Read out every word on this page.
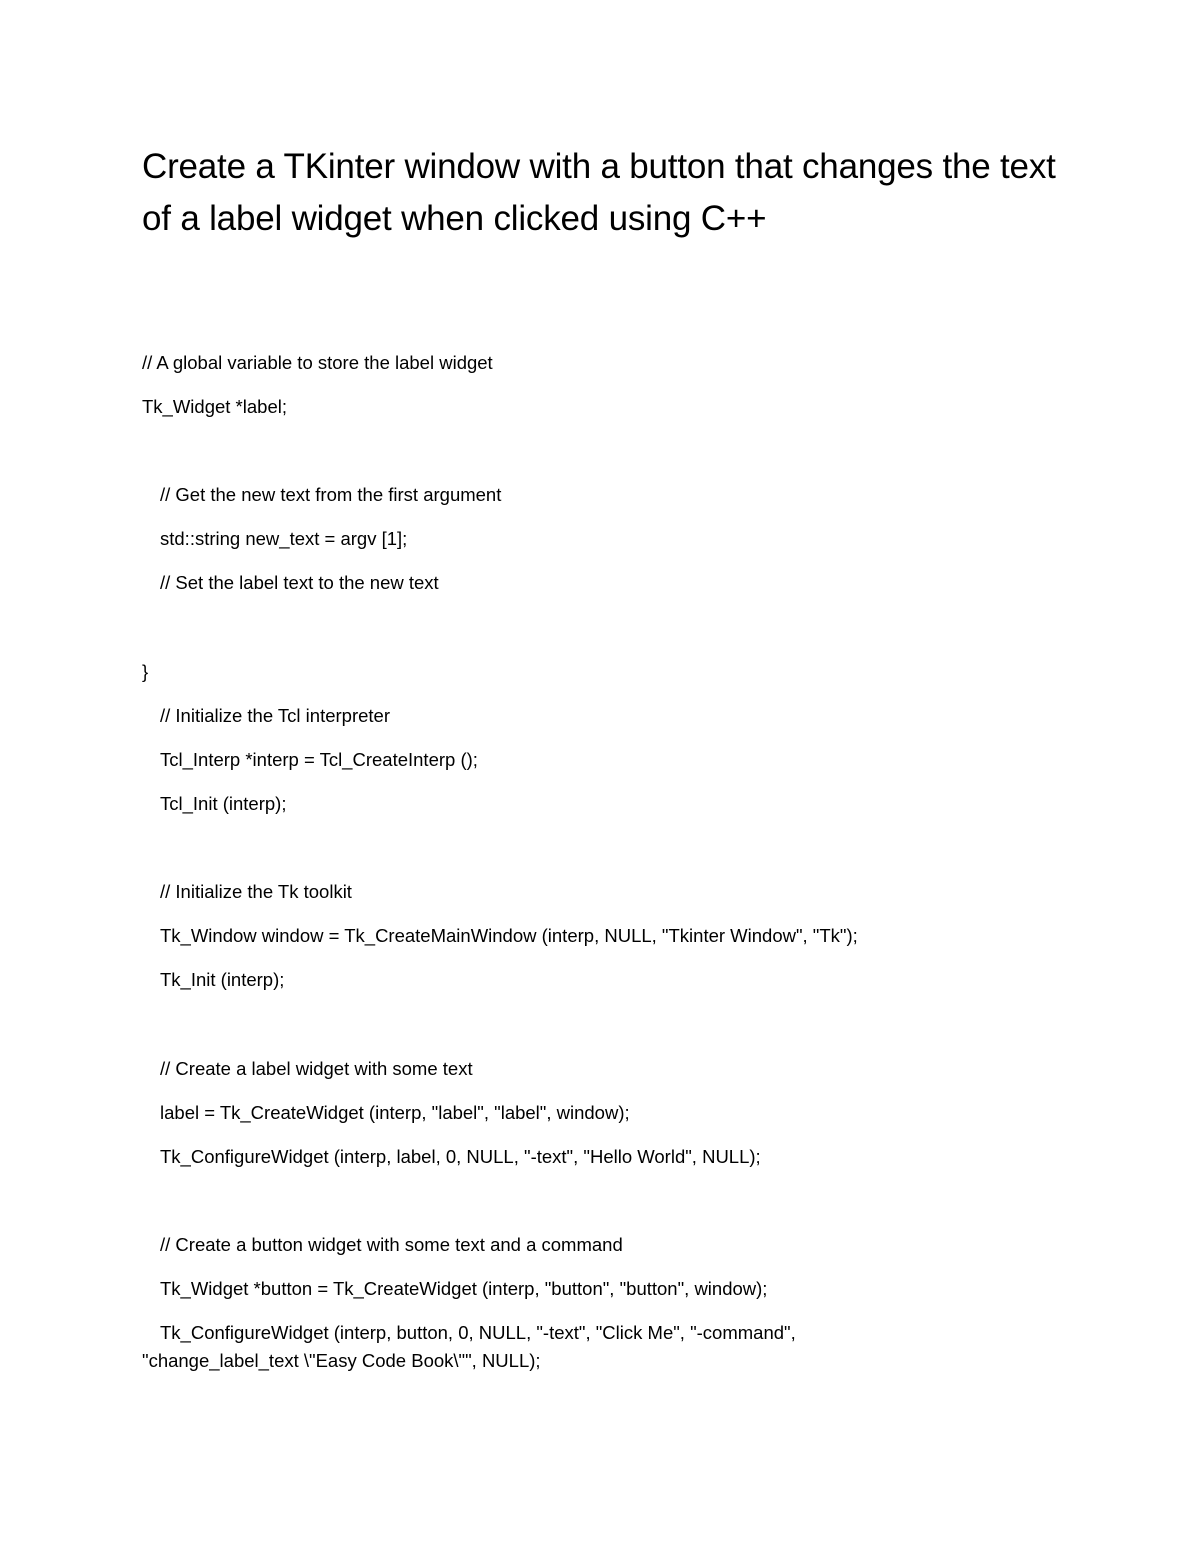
Create a TKinter window with a button that changes the text of a label widget when clicked using C++

// A global variable to store the label widget

Tk_Widget *label;

// Get the new text from the first argument

std::string new_text = argv [1];

// Set the label text to the new text

}

// Initialize the Tcl interpreter

Tcl_Interp *interp = Tcl_CreateInterp ();

Tcl_Init (interp);

// Initialize the Tk toolkit

Tk_Window window = Tk_CreateMainWindow (interp, NULL, "Tkinter Window", "Tk");

Tk_Init (interp);

// Create a label widget with some text

label = Tk_CreateWidget (interp, "label", "label", window);

Tk_ConfigureWidget (interp, label, 0, NULL, "-text", "Hello World", NULL);

// Create a button widget with some text and a command

Tk_Widget *button = Tk_CreateWidget (interp, "button", "button", window);

Tk_ConfigureWidget (interp, button, 0, NULL, "-text", "Click Me", "-command",

"change_label_text \"Easy Code Book\"", NULL);
